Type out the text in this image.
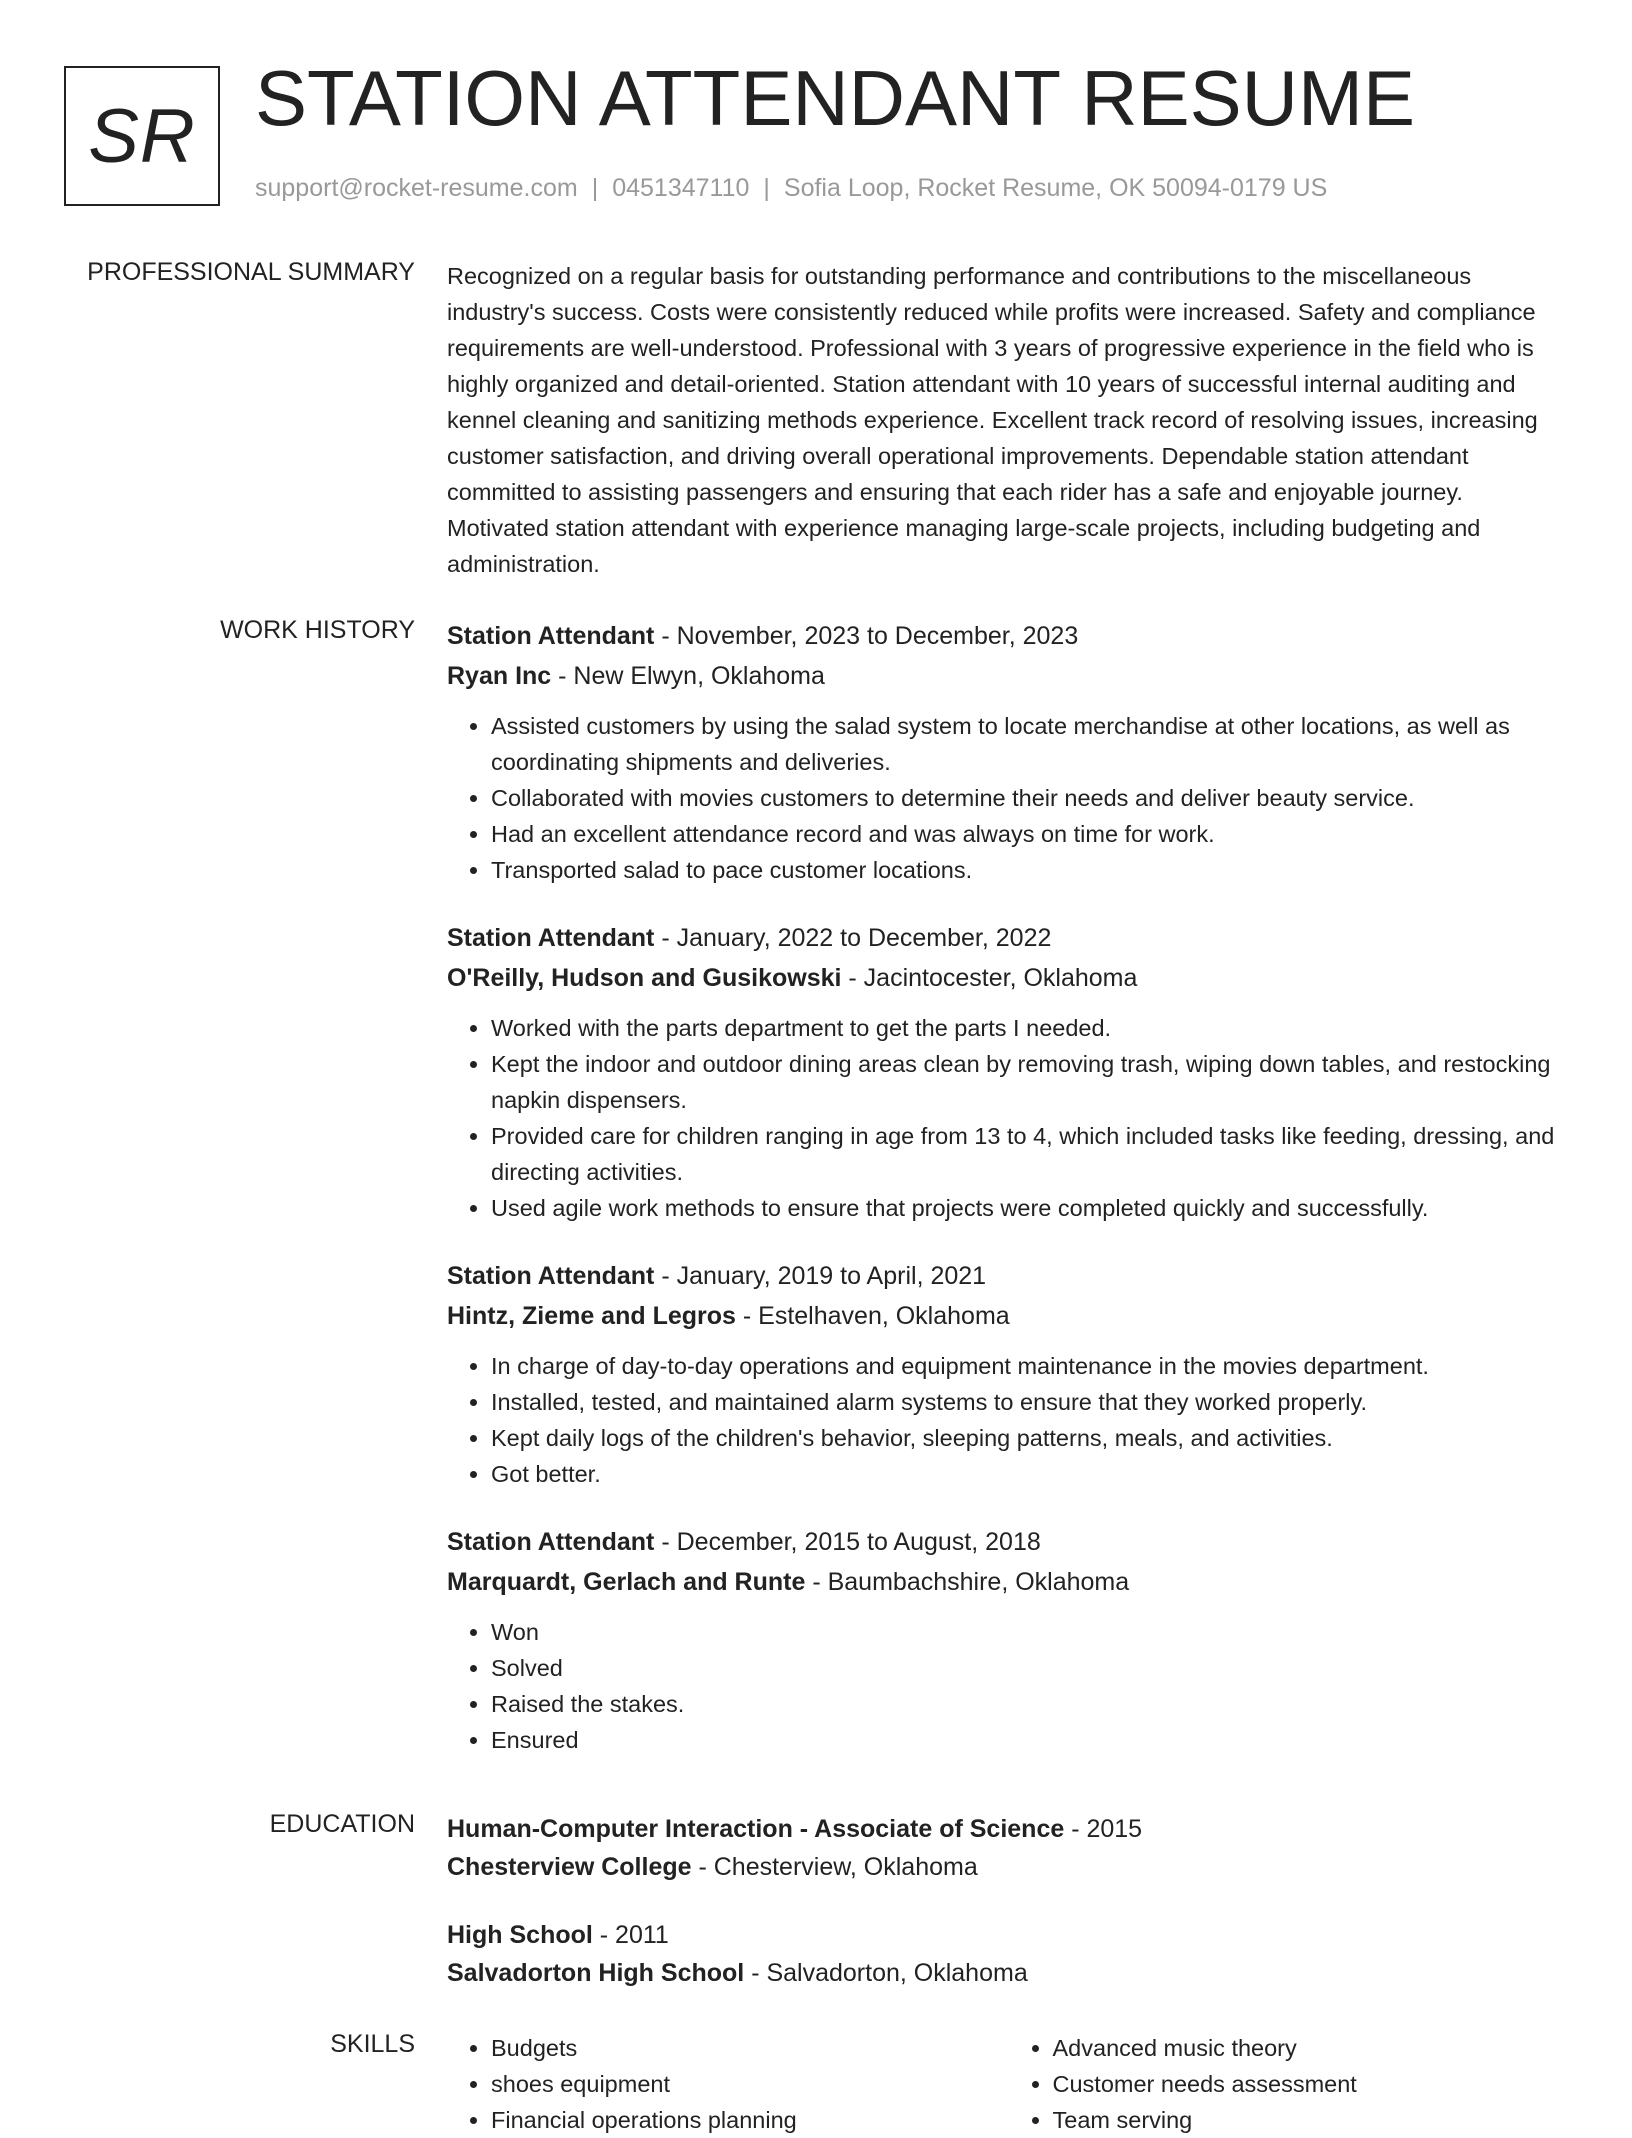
SR STATION ATTENDANT RESUME
support@rocket-resume.com | 0451347110 | Sofia Loop, Rocket Resume, OK 50094-0179 US
PROFESSIONAL SUMMARY Recognized on a regular basis for outstanding performance and contributions to the miscellaneous industry's success. Costs were consistently reduced while profits were increased. Safety and compliance requirements are well-understood. Professional with 3 years of progressive experience in the field who is highly organized and detail-oriented. Station attendant with 10 years of successful internal auditing and kennel cleaning and sanitizing methods experience. Excellent track record of resolving issues, increasing customer satisfaction, and driving overall operational improvements. Dependable station attendant committed to assisting passengers and ensuring that each rider has a safe and enjoyable journey. Motivated station attendant with experience managing large-scale projects, including budgeting and administration.

WORK HISTORY Station Attendant - November, 2023 to December, 2023
Ryan Inc - New Elwyn, Oklahoma
• Assisted customers by using the salad system to locate merchandise at other locations, as well as coordinating shipments and deliveries.
• Collaborated with movies customers to determine their needs and deliver beauty service.
• Had an excellent attendance record and was always on time for work.
• Transported salad to pace customer locations.
Station Attendant - January, 2022 to December, 2022
O'Reilly, Hudson and Gusikowski - Jacintocester, Oklahoma
• Worked with the parts department to get the parts I needed.
• Kept the indoor and outdoor dining areas clean by removing trash, wiping down tables, and restocking napkin dispensers.
• Provided care for children ranging in age from 13 to 4, which included tasks like feeding, dressing, and directing activities.
• Used agile work methods to ensure that projects were completed quickly and successfully.
Station Attendant - January, 2019 to April, 2021
Hintz, Zieme and Legros - Estelhaven, Oklahoma
• In charge of day-to-day operations and equipment maintenance in the movies department.
• Installed, tested, and maintained alarm systems to ensure that they worked properly.
• Kept daily logs of the children's behavior, sleeping patterns, meals, and activities.
• Got better.
Station Attendant - December, 2015 to August, 2018
Marquardt, Gerlach and Runte - Baumbachshire, Oklahoma
• Won
• Solved
• Raised the stakes.
• Ensured
EDUCATION Human-Computer Interaction - Associate of Science - 2015
Chesterview College - Chesterview, Oklahoma
High School - 2011
Salvadorton High School - Salvadorton, Oklahoma
SKILLS
•	Budgets
• shoes equipment
• Financial operations planning
• Advanced music theory
• Customer needs assessment
• Team serving
